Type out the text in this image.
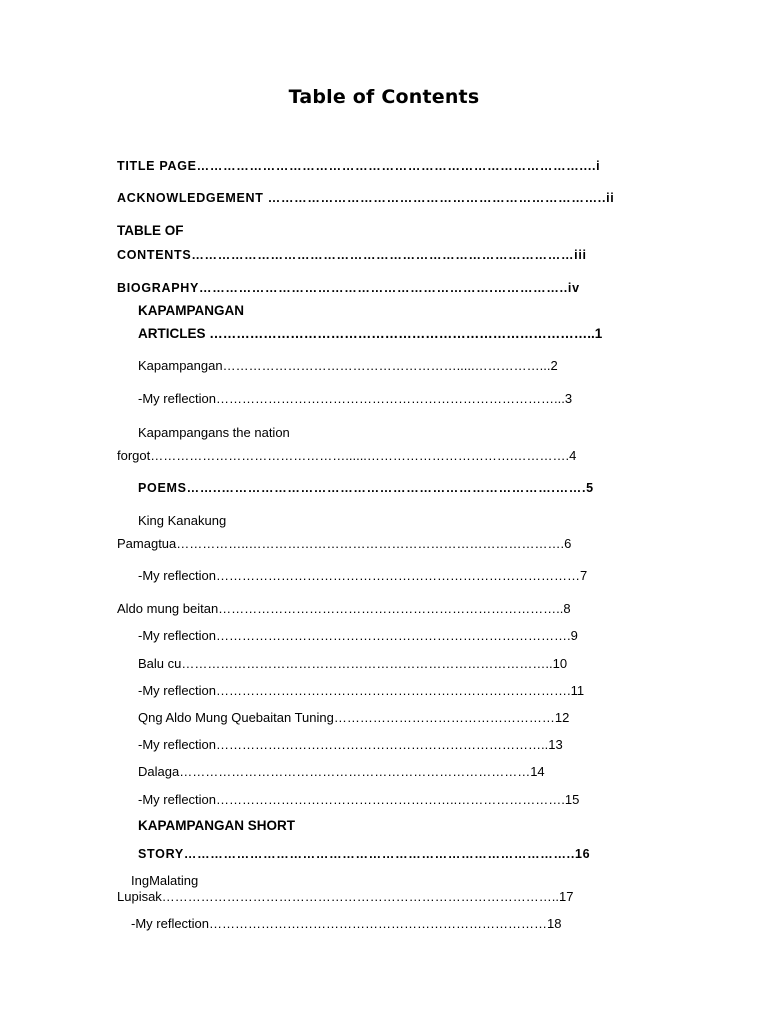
Table of Contents
TITLE PAGE……………………………………………………………………………....i
ACKNOWLEDGEMENT …………………………………………………………………..ii
TABLE OF
CONTENTS……………………………………………………………………………iii
BIOGRAPHY………………………………………………………….……………..iv
KAPAMPANGAN
ARTICLES …………………………………………………………………………..1
Kapampangan……………………………………………….....……………...2
-My reflection……………………………………………………………………...3
Kapampangans the nation
forgot………………………………………......…………………………….………….4
POEMS……..………………………………………………………………….…….5
King Kanakung
Pamagtua……………..……………………………………………………………….6
-My reflection…………………………………………………………………………7
Aldo mung beitan……………………………………………………………………..8
-My reflection……………………………………………………………………….9
Balu cu…………………………………………………………………………..10
-My reflection……………………………………………………………………….11
Qng Aldo Mung Quebaitan Tuning……………………………………………12
-My reflection…………………………………………………………………..13
Dalaga………………………………………………………………………14
-My reflection………………………………………………..…………………….15
KAPAMPANGAN SHORT
STORY……………………………………………………………………………..16
IngMalating
Lupisak………………………………………………………………………………..17
-My reflection……………………………………………………………………18
